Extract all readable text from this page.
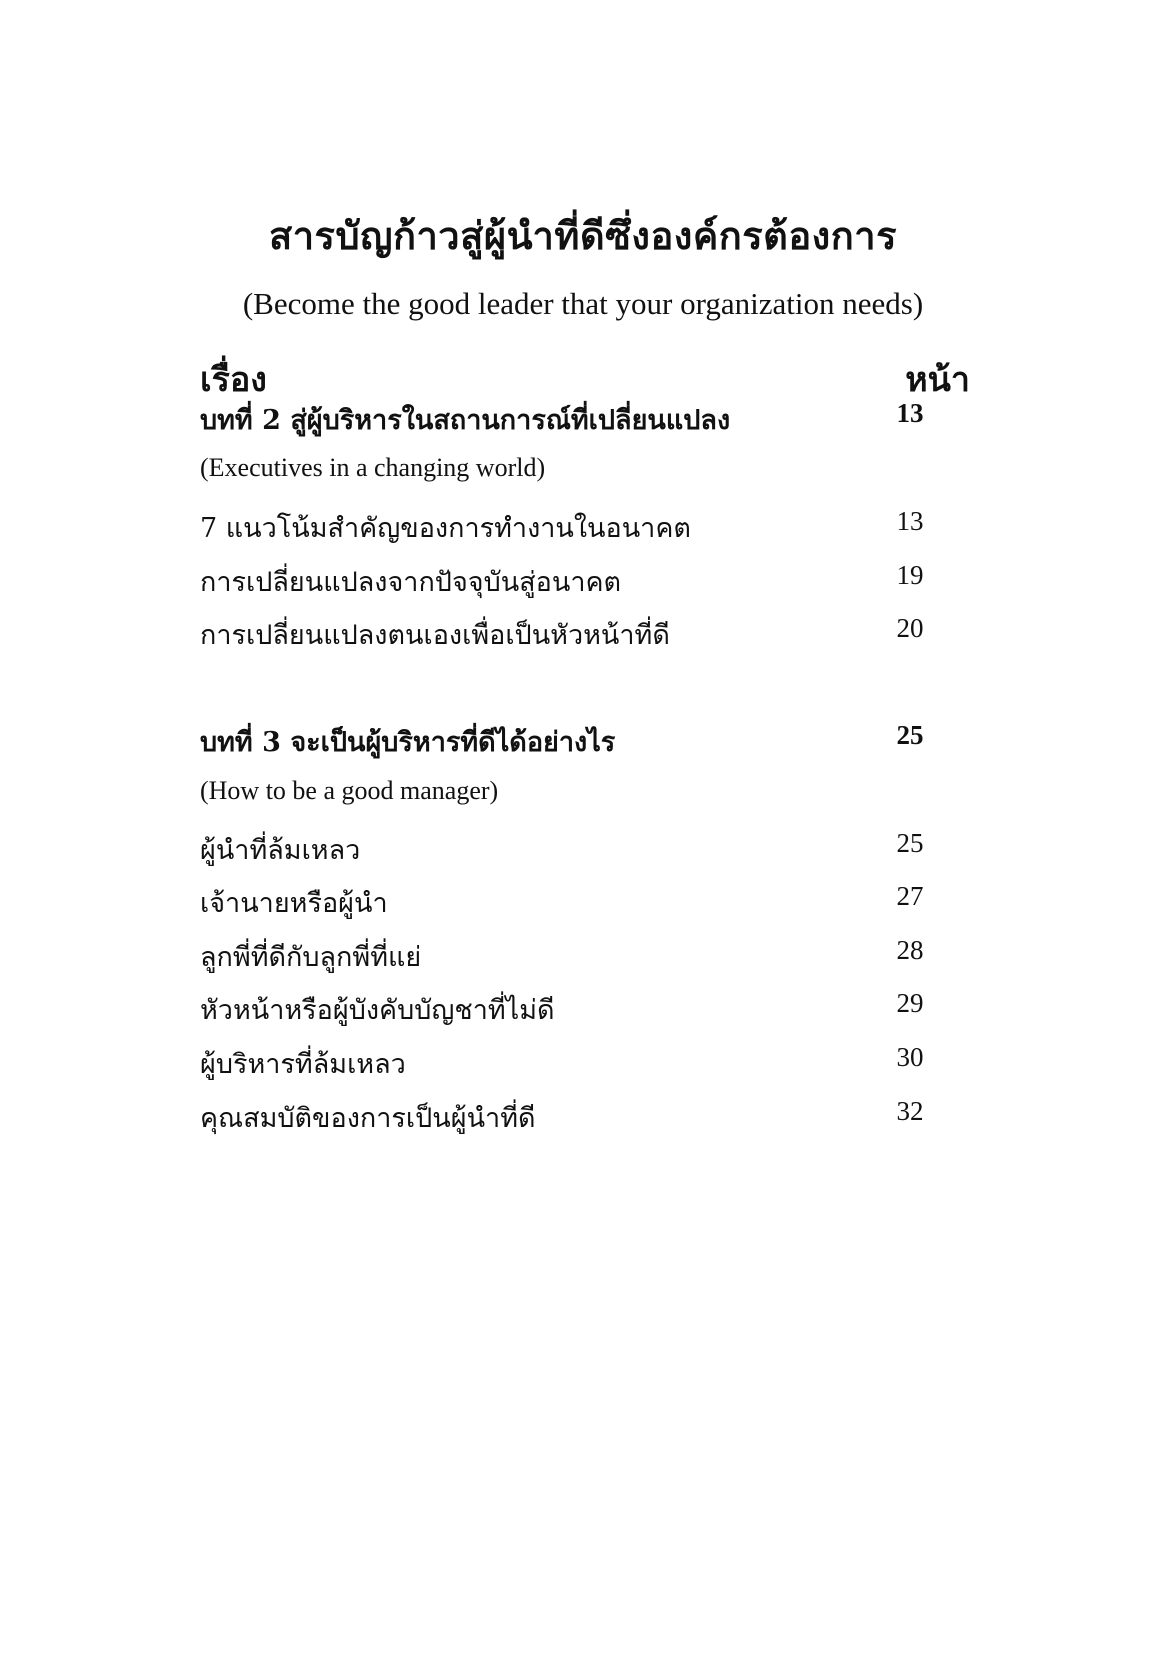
สารบัญก้าวสู่ผู้นำที่ดีซึ่งองค์กรต้องการ
(Become the good leader that your organization needs)
เรื่อง	หน้า
บทที่ 2 สู่ผู้บริหารในสถานการณ์ที่เปลี่ยนแปลง	13
(Executives in a changing world)
7 แนวโน้มสำคัญของการทำงานในอนาคต	13
การเปลี่ยนแปลงจากปัจจุบันสู่อนาคต	19
การเปลี่ยนแปลงตนเองเพื่อเป็นหัวหน้าที่ดี	20
บทที่ 3 จะเป็นผู้บริหารที่ดีได้อย่างไร	25
(How to be a good manager)
ผู้นำที่ล้มเหลว	25
เจ้านายหรือผู้นำ	27
ลูกพี่ที่ดีกับลูกพี่ที่แย่	28
หัวหน้าหรือผู้บังคับบัญชาที่ไม่ดี	29
ผู้บริหารที่ล้มเหลว	30
คุณสมบัติของการเป็นผู้นำที่ดี	32
